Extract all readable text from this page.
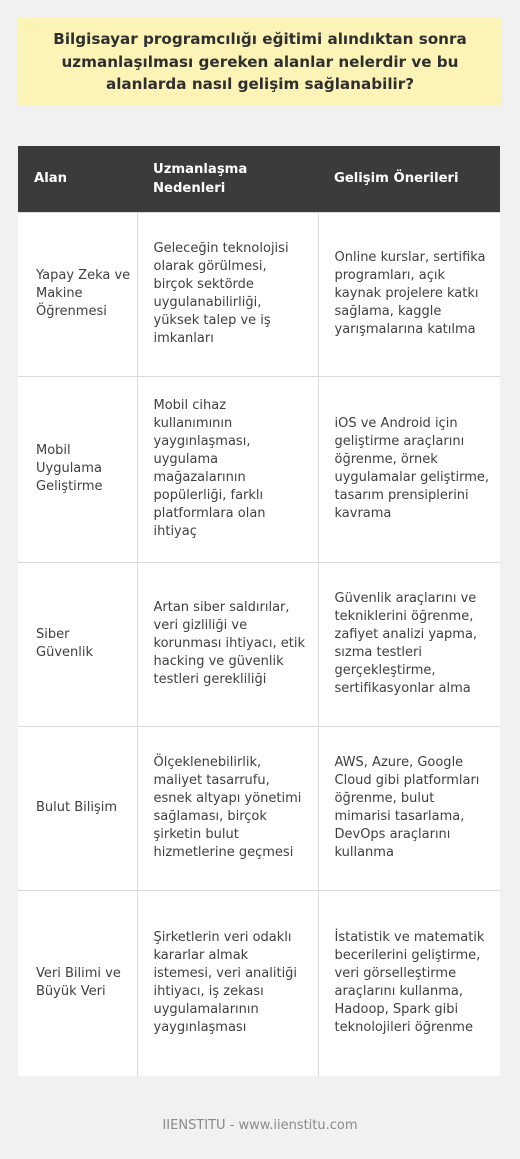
Bilgisayar programcılığı eğitimi alındıktan sonra uzmanlaşılması gereken alanlar nelerdir ve bu alanlarda nasıl gelişim sağlanabilir?
Alan	Uzmanlaşma Nedenleri	Gelişim Önerileri
Yapay Zeka ve Makine Öğrenmesi	Geleceğin teknolojisi olarak görülmesi, birçok sektörde uygulanabilirliği, yüksek talep ve iş imkanları	Online kurslar, sertifika programları, açık kaynak projelere katkı sağlama, kaggle yarışmalarına katılma
Mobil Uygulama Geliştirme	Mobil cihaz kullanımının yaygınlaşması, uygulama mağazalarının popülerliği, farklı platformlara olan ihtiyaç	iOS ve Android için geliştirme araçlarını öğrenme, örnek uygulamalar geliştirme, tasarım prensiplerini kavrama
Siber Güvenlik	Artan siber saldırılar, veri gizliliği ve korunması ihtiyacı, etik hacking ve güvenlik testleri gerekliliği	Güvenlik araçlarını ve tekniklerini öğrenme, zafiyet analizi yapma, sızma testleri gerçekleştirme, sertifikasyonlar alma
Bulut Bilişim	Ölçeklenebilirlik, maliyet tasarrufu, esnek altyapı yönetimi sağlaması, birçok şirketin bulut hizmetlerine geçmesi	AWS, Azure, Google Cloud gibi platformları öğrenme, bulut mimarisi tasarlama, DevOps araçlarını kullanma
Veri Bilimi ve Büyük Veri	Şirketlerin veri odaklı kararlar almak istemesi, veri analitiği ihtiyacı, iş zekası uygulamalarının yaygınlaşması	İstatistik ve matematik becerilerini geliştirme, veri görselleştirme araçlarını kullanma, Hadoop, Spark gibi teknolojileri öğrenme
IIENSTITU - www.iienstitu.com
